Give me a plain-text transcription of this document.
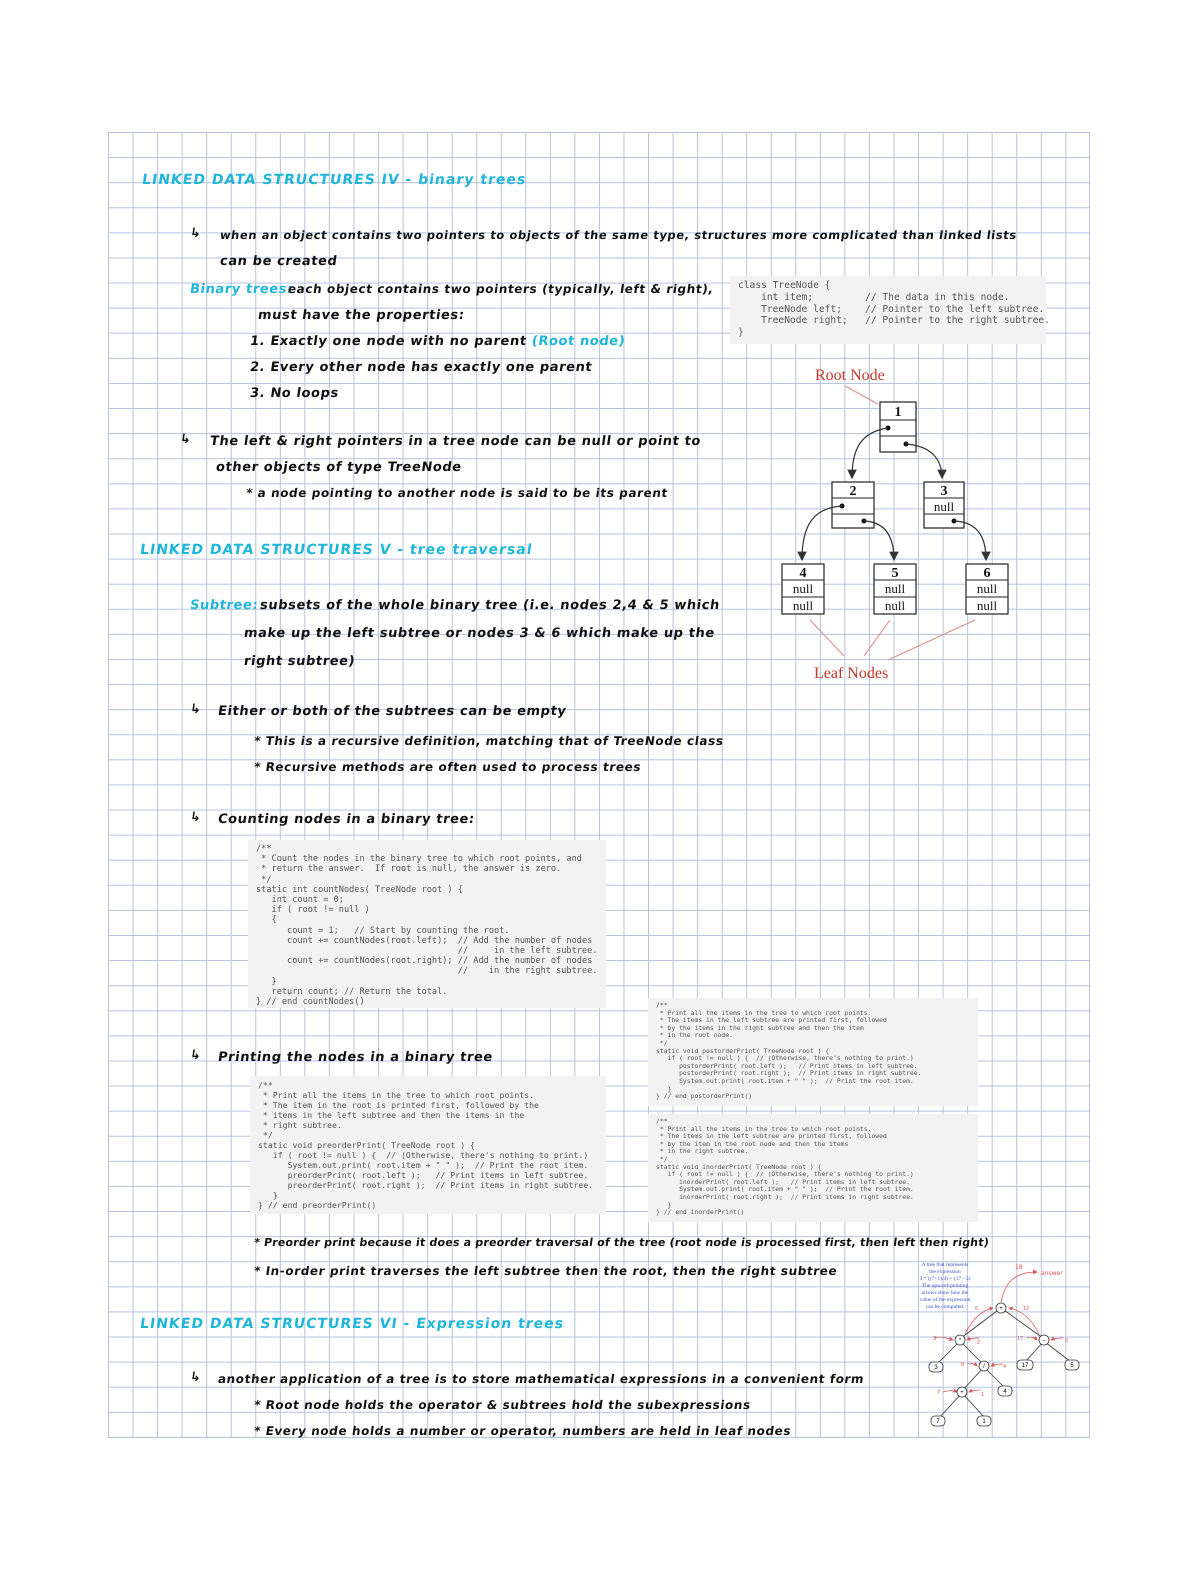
LINKED DATA STRUCTURES IV - binary trees
↳ when an object contains two pointers to objects of the same type, structures more complicated than linked lists
can be created
Binary trees:
each object contains two pointers (typically, left & right),
must have the properties:
1. Exactly one node with no parent (Root node)
2. Every other node has exactly one parent
3. No loops
↳ The left & right pointers in a tree node can be null or point to
other objects of type TreeNode
* a node pointing to another node is said to be its parent
class TreeNode {
int item;         // The data in this node.
TreeNode left;    // Pointer to the left subtree.
TreeNode right;   // Pointer to the right subtree.
}
Root Node
1
2	3
null
4
null
null
5
null
null
6
null
null
Leaf Nodes
LINKED DATA STRUCTURES V - tree traversal
Subtree: subsets of the whole binary tree (i.e. nodes 2,4 & 5 which
make up the left subtree or nodes 3 & 6 which make up the
right subtree)
↳ Either or both of the subtrees can be empty
* This is a recursive definition, matching that of TreeNode class
* Recursive methods are often used to process trees
↳ Counting nodes in a binary tree:
/**
* Count the nodes in the binary tree to which root points, and
* return the answer.  If root is null, the answer is zero.
*/
static int countNodes( TreeNode root ) {
int count = 0;
if ( root != null )
{
count = 1;   // Start by counting the root.
count += countNodes(root.left);  // Add the number of nodes
//     in the left subtree.
count += countNodes(root.right); // Add the number of nodes
//    in the right subtree.
}
return count; // Return the total.
} // end countNodes()	/**
* Print all the items in the tree to which root points.
* The items in the left subtree are printed first, followed
* by the items in the right subtree and then the item
* in the root node.
*/
static void postorderPrint( TreeNode root ) {
if ( root != null ) {  // (Otherwise, there's nothing to print.)
postorderPrint( root.left );   // Print items in left subtree.
postorderPrint( root.right );  // Print items in right subtree.
System.out.print( root.item + " " );  // Print the root item.
}
} // end postorderPrint()
/**
* Print all the items in the tree to which root points.
* The items in the left subtree are printed first, followed
* by the item in the root node and then the items
* in the right subtree.
*/
static void inorderPrint( TreeNode root ) {
if ( root != null ) {  // (Otherwise, there's nothing to print.)
inorderPrint( root.left );   // Print items in left subtree.
System.out.print( root.item + " " );  // Print the root item.
inorderPrint( root.right );  // Print items in right subtree.
}
} // end inorderPrint()
↳ Printing the nodes in a binary tree
/**
* Print all the items in the tree to which root points.
* The item in the root is printed first, followed by the
* items in the left subtree and then the items in the
* right subtree.
*/
static void preorderPrint( TreeNode root ) {
if ( root != null ) {  // (Otherwise, there's nothing to print.)
System.out.print( root.item + " " );  // Print the root item.
preorderPrint( root.left );   // Print items in left subtree.
preorderPrint( root.right );  // Print items in right subtree.
}
} // end preorderPrint()
* Preorder print because it does a preorder traversal of the tree (root node is processed first, then left then right)
* In-order print traverses the left subtree then the root, then the right subtree
LINKED DATA STRUCTURES VI - Expression trees
↳ another application of a tree is to store mathematical expressions in a convenient form
* Root node holds the operator & subtrees hold the subexpressions
* Every node holds a number or operator, numbers are held in leaf nodes
A tree that represents
the expression
3 * ((7+1)/4) + (17 - 5)
The upward-pointing
arrows show how the
value of the expression
can be computed.
18
answer
6	12
3
2
8	4
7	1
17	5
+
*	-
/
+
3
4
7	1
17	5
